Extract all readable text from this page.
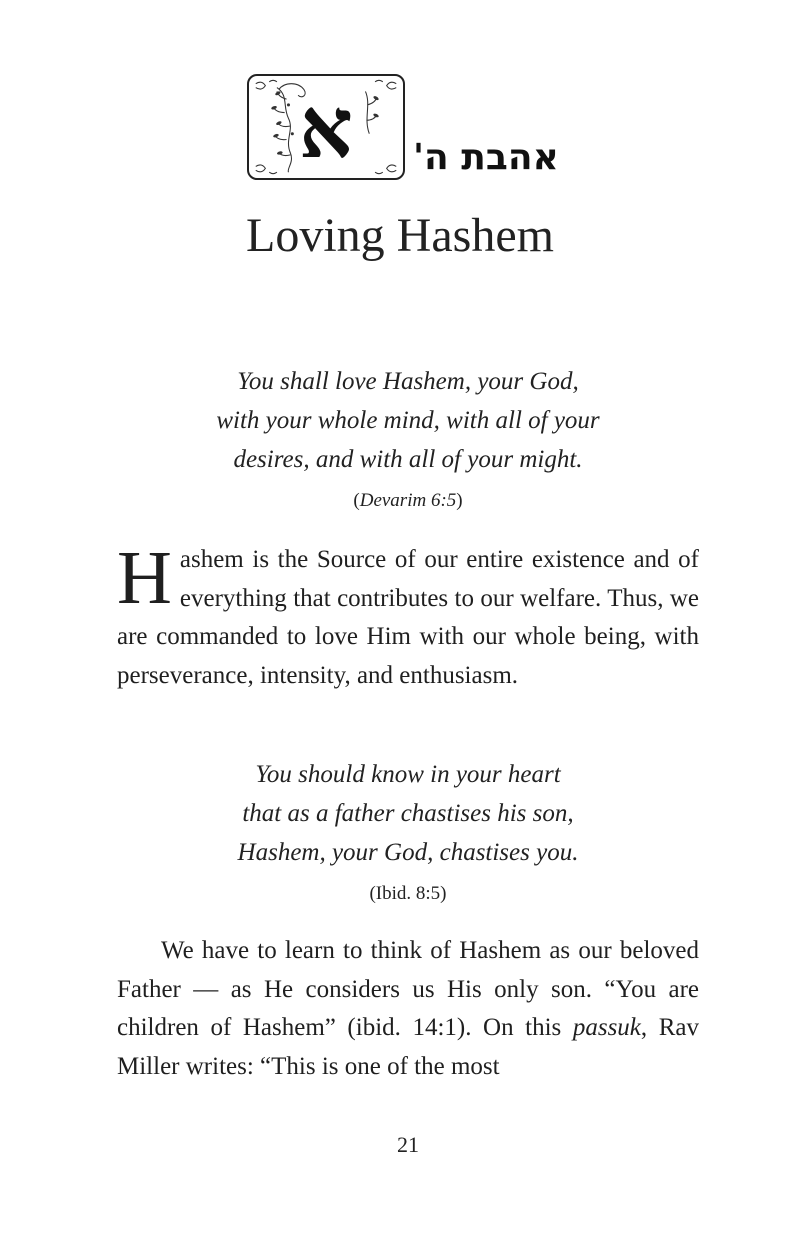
א	אהבת ה'
Loving Hashem

You shall love Hashem, your God,
with your whole mind, with all of your
desires, and with all of your might.

(Devarim 6:5)

Hashem is the Source of our entire existence and of everything that contributes to our welfare. Thus, we are commanded to love Him with our whole being, with perseverance, intensity, and enthusiasm.

You should know in your heart
that as a father chastises his son,
Hashem, your God, chastises you.

(Ibid. 8:5)

We have to learn to think of Hashem as our beloved Father — as He considers us His only son. “You are children of Hashem” (ibid. 14:1). On this passuk, Rav Miller writes: “This is one of the most

21
